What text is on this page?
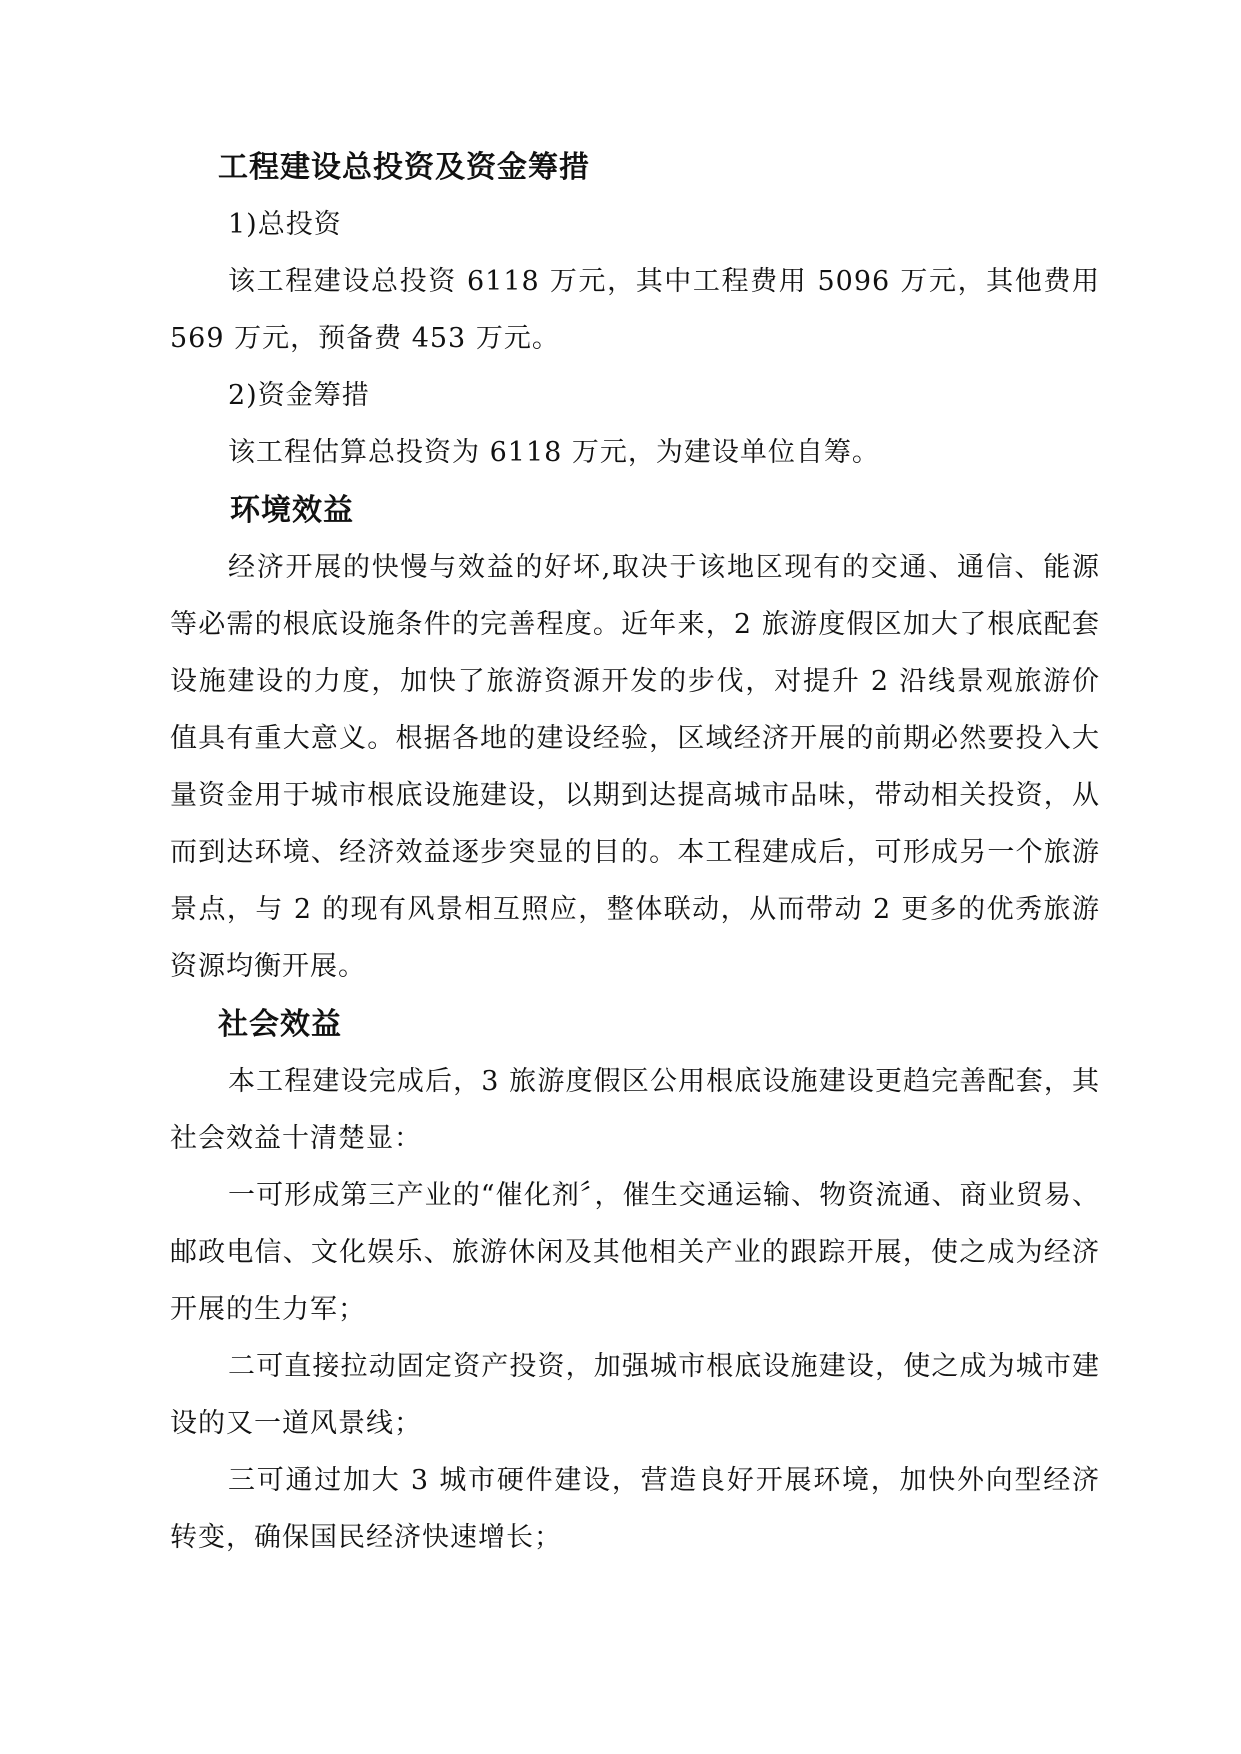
工程建设总投资及资金筹措

1)总投资

该工程建设总投资 6118 万元，其中工程费用 5096 万元，其他费用 569 万元，预备费 453 万元。

2)资金筹措

该工程估算总投资为 6118 万元，为建设单位自筹。

环境效益

经济开展的快慢与效益的好坏,取决于该地区现有的交通、通信、能源等必需的根底设施条件的完善程度。近年来，2 旅游度假区加大了根底配套设施建设的力度，加快了旅游资源开发的步伐，对提升 2 沿线景观旅游价值具有重大意义。根据各地的建设经验，区域经济开展的前期必然要投入大量资金用于城市根底设施建设，以期到达提高城市品味，带动相关投资，从而到达环境、经济效益逐步突显的目的。本工程建成后，可形成另一个旅游景点，与 2 的现有风景相互照应，整体联动，从而带动 2 更多的优秀旅游资源均衡开展。

社会效益

本工程建设完成后，3 旅游度假区公用根底设施建设更趋完善配套，其社会效益十清楚显：

一可形成第三产业的“催化剂〞，催生交通运输、物资流通、商业贸易、邮政电信、文化娱乐、旅游休闲及其他相关产业的跟踪开展，使之成为经济开展的生力军；

二可直接拉动固定资产投资，加强城市根底设施建设，使之成为城市建设的又一道风景线；

三可通过加大 3 城市硬件建设，营造良好开展环境，加快外向型经济转变，确保国民经济快速增长；
